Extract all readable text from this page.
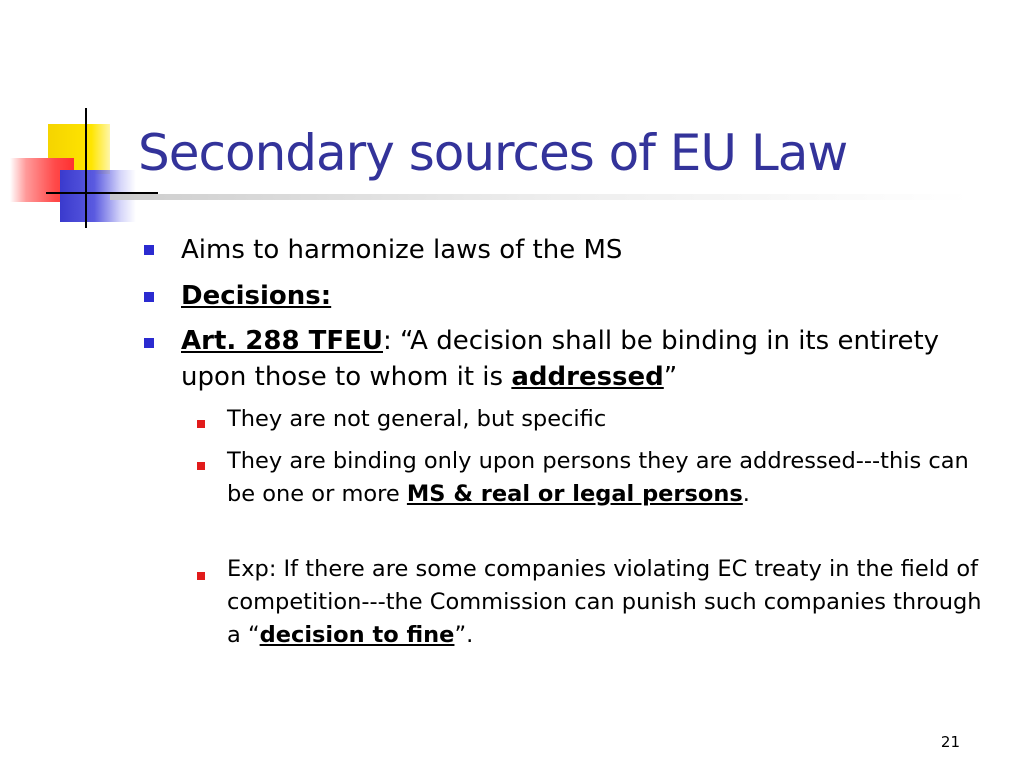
Secondary sources of EU Law

Aims to harmonize laws of the MS

Decisions:

Art. 288 TFEU: “A decision shall be binding in its entirety upon those to whom it is addressed”

They are not general, but specific

They are binding only upon persons they are addressed---this can be one or more MS & real or legal persons.

Exp: If there are some companies violating EC treaty in the field of competition---the Commission can punish such companies through a “decision to fine”.

21
